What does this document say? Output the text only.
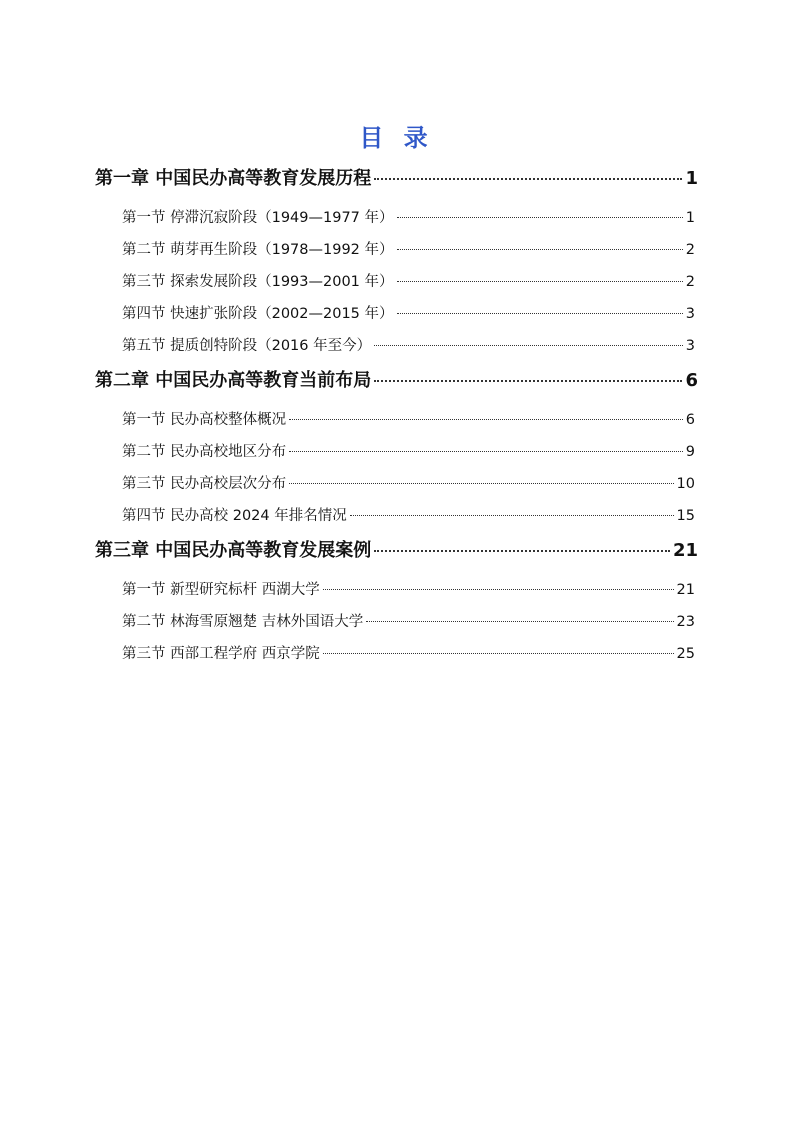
目 录
第一章 中国民办高等教育发展历程	1
第一节 停滞沉寂阶段（1949—1977 年）	1
第二节 萌芽再生阶段（1978—1992 年）	2
第三节 探索发展阶段（1993—2001 年）	2
第四节 快速扩张阶段（2002—2015 年）	3
第五节 提质创特阶段（2016 年至今）	3
第二章 中国民办高等教育当前布局	6
第一节 民办高校整体概况	6
第二节 民办高校地区分布	9
第三节 民办高校层次分布	10
第四节 民办高校 2024 年排名情况	15
第三章 中国民办高等教育发展案例	21
第一节 新型研究标杆 西湖大学	21
第二节 林海雪原翘楚 吉林外国语大学	23
第三节 西部工程学府 西京学院	25
